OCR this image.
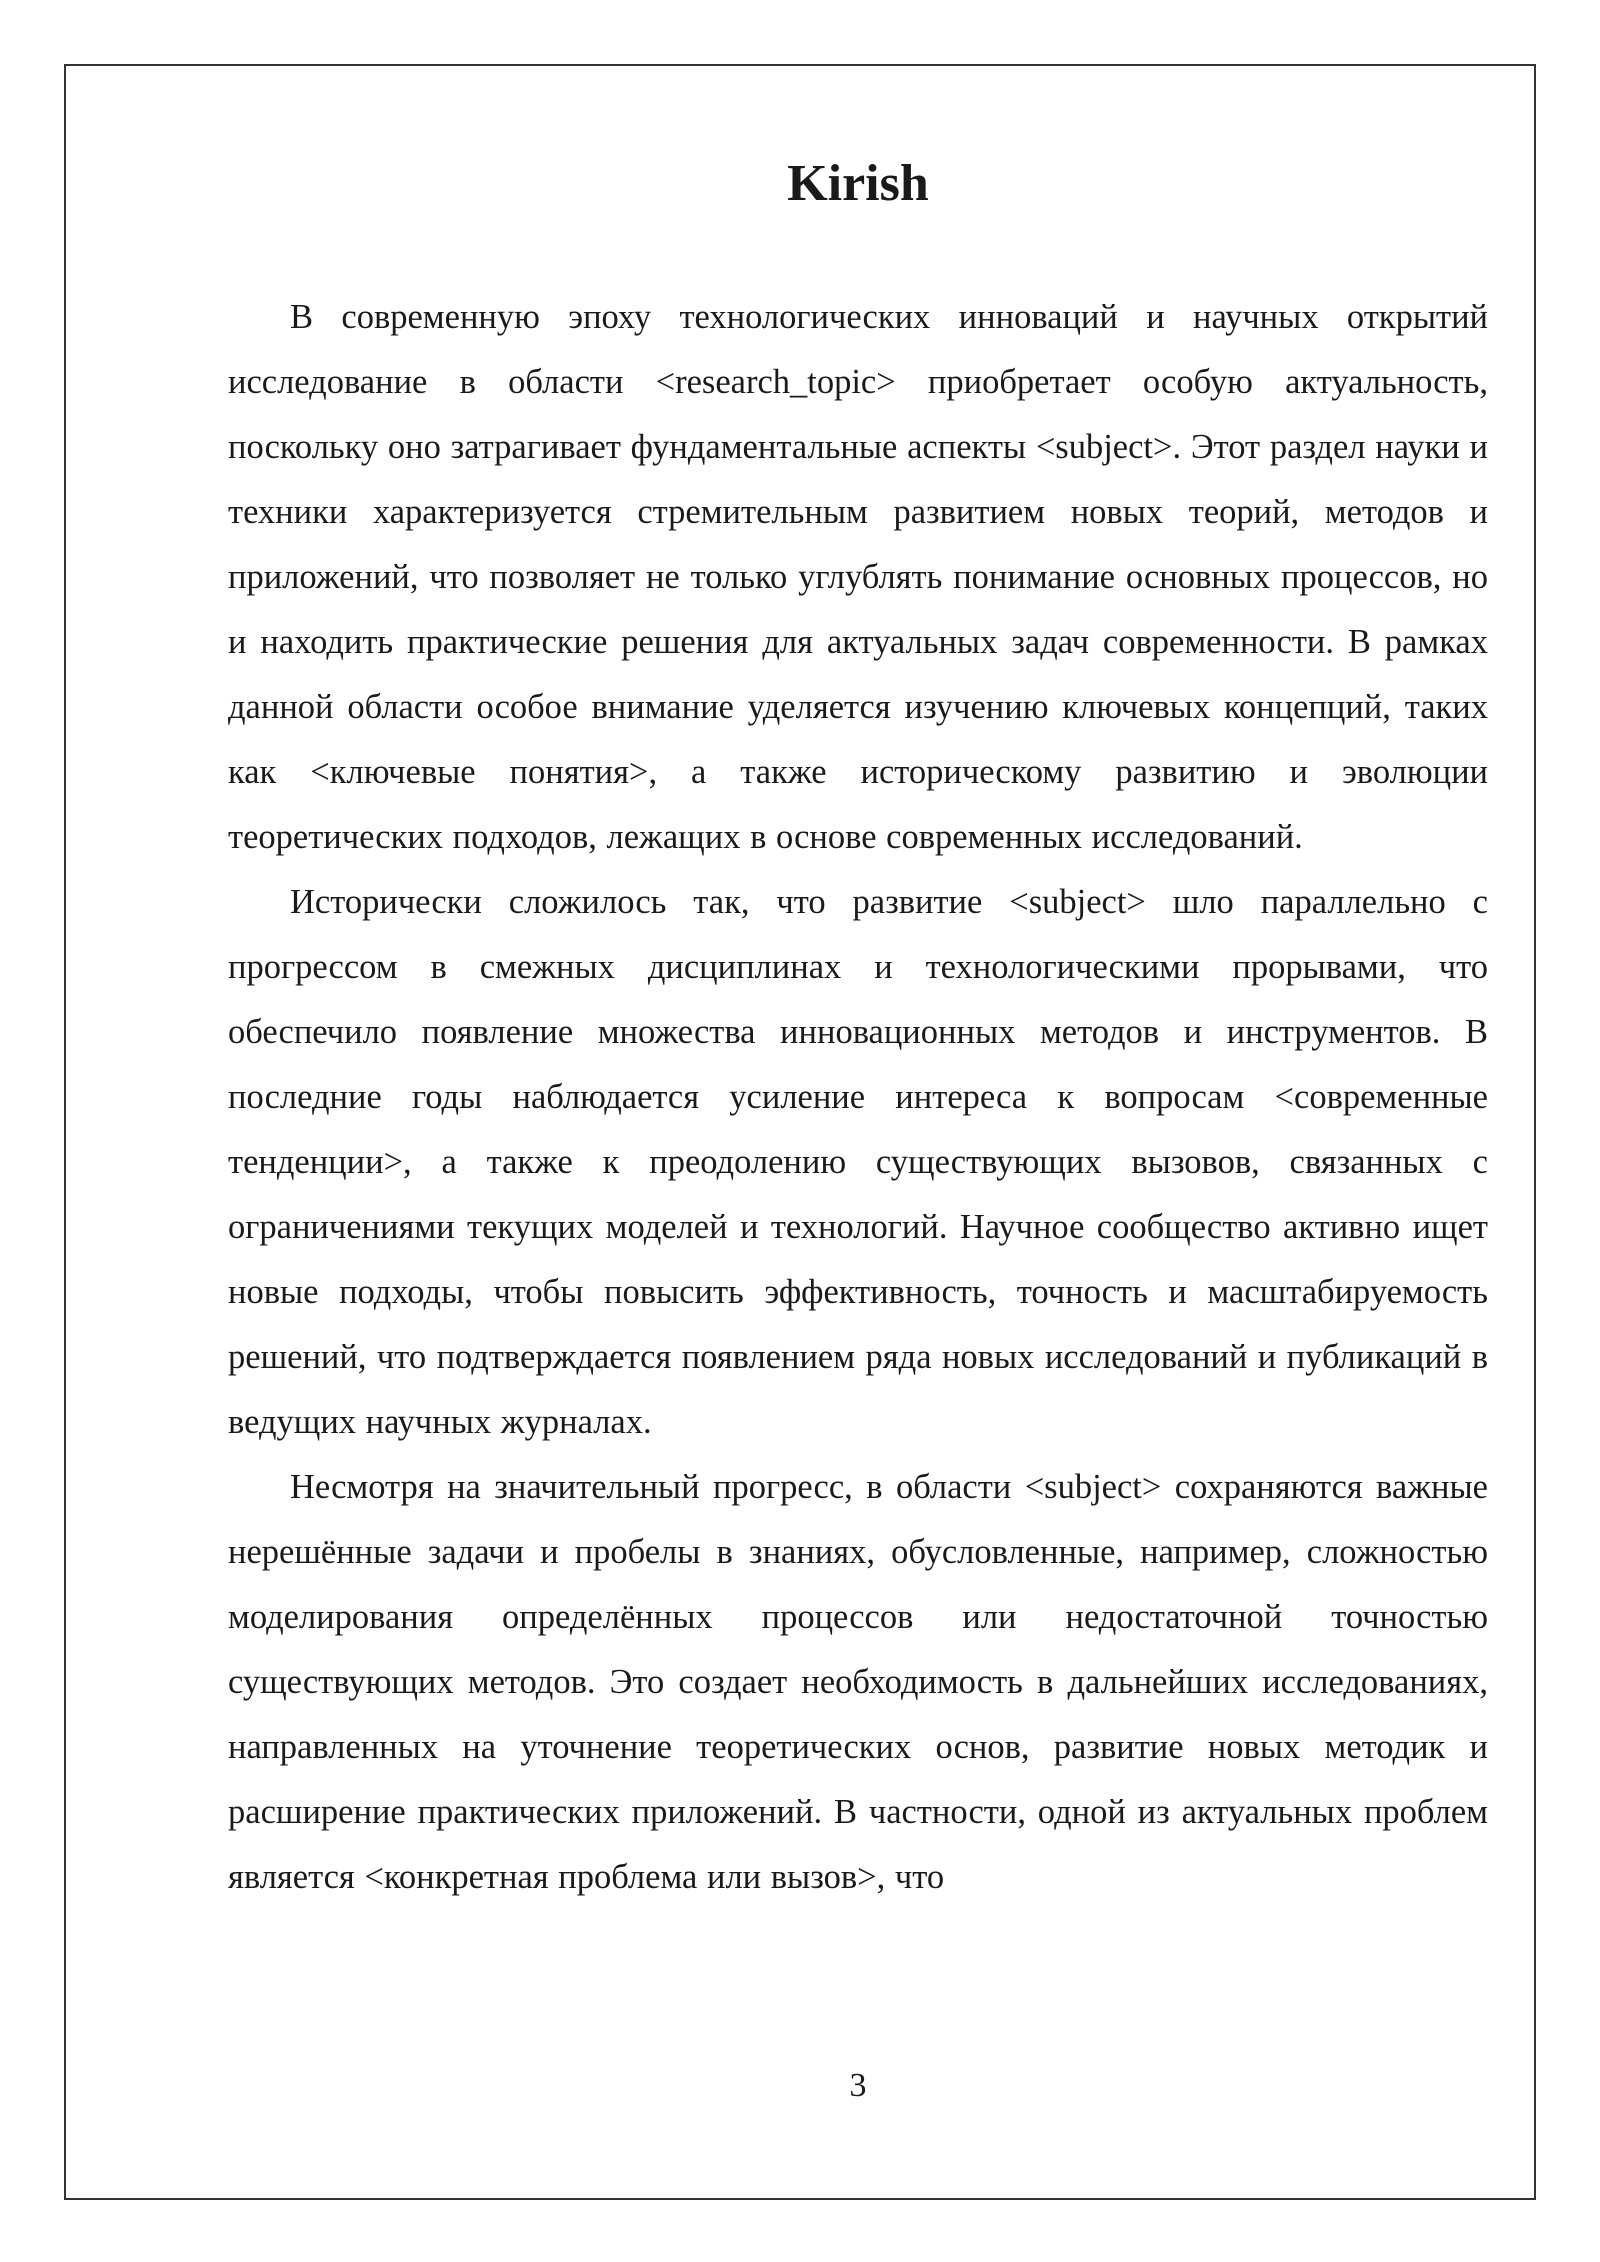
Kirish

В современную эпоху технологических инноваций и научных открытий исследование в области <research_topic> приобретает особую актуальность, поскольку оно затрагивает фундаментальные аспекты <subject>. Этот раздел науки и техники характеризуется стремительным развитием новых теорий, методов и приложений, что позволяет не только углублять понимание основных процессов, но и находить практические решения для актуальных задач современности. В рамках данной области особое внимание уделяется изучению ключевых концепций, таких как <ключевые понятия>, а также историческому развитию и эволюции теоретических подходов, лежащих в основе современных исследований.

Исторически сложилось так, что развитие <subject> шло параллельно с прогрессом в смежных дисциплинах и технологическими прорывами, что обеспечило появление множества инновационных методов и инструментов. В последние годы наблюдается усиление интереса к вопросам <современные тенденции>, а также к преодолению существующих вызовов, связанных с ограничениями текущих моделей и технологий. Научное сообщество активно ищет новые подходы, чтобы повысить эффективность, точность и масштабируемость решений, что подтверждается появлением ряда новых исследований и публикаций в ведущих научных журналах.

Несмотря на значительный прогресс, в области <subject> сохраняются важные нерешённые задачи и пробелы в знаниях, обусловленные, например, сложностью моделирования определённых процессов или недостаточной точностью существующих методов. Это создает необходимость в дальнейших исследованиях, направленных на уточнение теоретических основ, развитие новых методик и расширение практических приложений. В частности, одной из актуальных проблем является <конкретная проблема или вызов>, что

3
